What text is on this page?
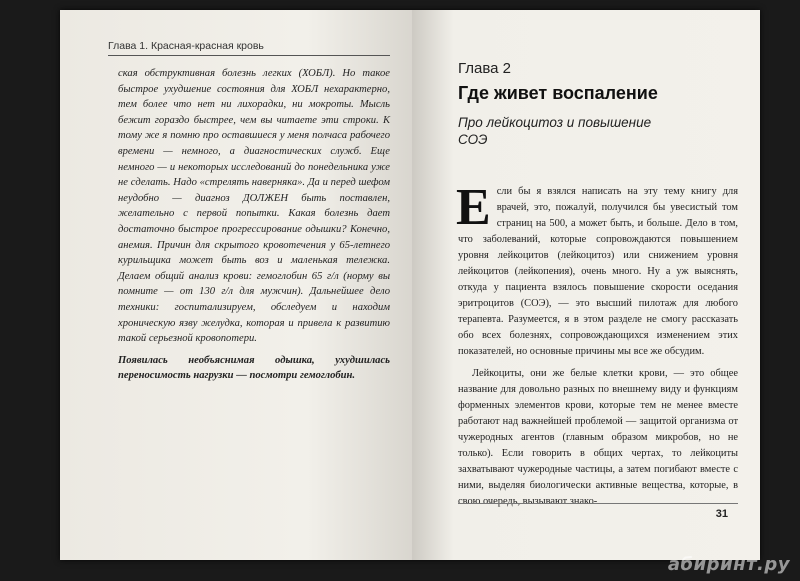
Глава 1. Красная-красная кровь

ская обструктивная болезнь легких (ХОБЛ). Но такое быстрое ухудшение состояния для ХОБЛ нехарактерно, тем более что нет ни лихорадки, ни мокроты. Мысль бежит гораздо быстрее, чем вы читаете эти строки. К тому же я помню про оставшиеся у меня полчаса рабочего времени — немного, а диагностических служб. Еще немного — и некоторых исследований до понедельника уже не сделать. Надо «стрелять наверняка». Да и перед шефом неудобно — диагноз ДОЛЖЕН быть поставлен, желательно с первой попытки. Какая болезнь дает достаточно быстрое прогрессирование одышки? Конечно, анемия. Причин для скрытого кровотечения у 65-летнего курильщика может быть воз и маленькая тележка. Делаем общий анализ крови: гемоглобин 65 г/л (норму вы помните — от 130 г/л для мужчин). Дальнейшее дело техники: госпитализируем, обследуем и находим хроническую язву желудка, которая и привела к развитию такой серьезной кровопотери.

Появилась необъяснимая одышка, ухудшилась переносимость нагрузки — посмотри гемоглобин.

Глава 2
Где живет воспаление
Про лейкоцитоз и повышение СОЭ

Если бы я взялся написать на эту тему книгу для врачей, это, пожалуй, получился бы увесистый том страниц на 500, а может быть, и больше. Дело в том, что заболеваний, которые сопровождаются повышением уровня лейкоцитов (лейкоцитоз) или снижением уровня лейкоцитов (лейкопения), очень много. Ну а уж выяснять, откуда у пациента взялось повышение скорости оседания эритроцитов (СОЭ), — это высший пилотаж для любого терапевта. Разумеется, я в этом разделе не смогу рассказать обо всех болезнях, сопровождающихся изменением этих показателей, но основные причины мы все же обсудим.

Лейкоциты, они же белые клетки крови, — это общее название для довольно разных по внешнему виду и функциям форменных элементов крови, которые тем не менее вместе работают над важнейшей проблемой — защитой организма от чужеродных агентов (главным образом микробов, но не только). Если говорить в общих чертах, то лейкоциты захватывают чужеродные частицы, а затем погибают вместе с ними, выделяя биологически активные вещества, которые, в свою очередь, вызывают знако-

31
абиринт.ру
